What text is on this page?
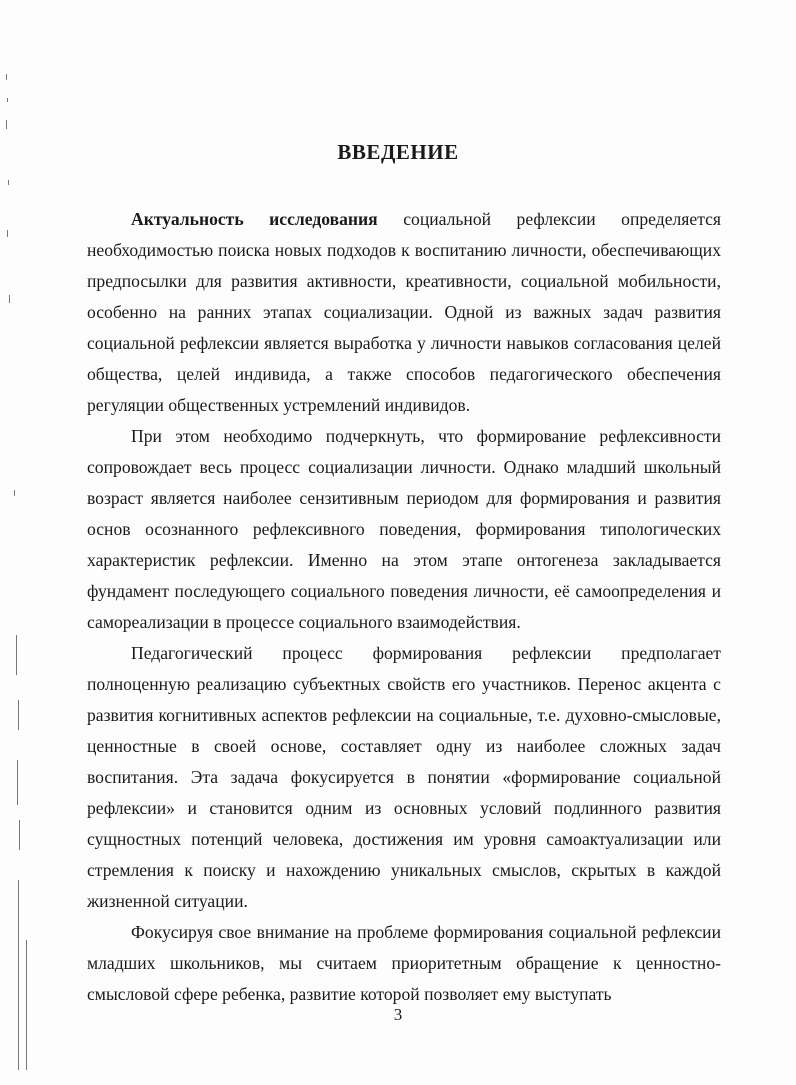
ВВЕДЕНИЕ

Актуальность исследования социальной рефлексии определяется необходимостью поиска новых подходов к воспитанию личности, обеспечивающих предпосылки для развития активности, креативности, социальной мобильности, особенно на ранних этапах социализации. Одной из важных задач развития социальной рефлексии является выработка у личности навыков согласования целей общества, целей индивида, а также способов педагогического обеспечения регуляции общественных устремлений индивидов.

При этом необходимо подчеркнуть, что формирование рефлексивности сопровождает весь процесс социализации личности. Однако младший школьный возраст является наиболее сензитивным периодом для формирования и развития основ осознанного рефлексивного поведения, формирования типологических характеристик рефлексии. Именно на этом этапе онтогенеза закладывается фундамент последующего социального поведения личности, её самоопределения и самореализации в процессе социального взаимодействия.

Педагогический процесс формирования рефлексии предполагает полноценную реализацию субъектных свойств его участников. Перенос акцента с развития когнитивных аспектов рефлексии на социальные, т.е. духовно-смысловые, ценностные в своей основе, составляет одну из наиболее сложных задач воспитания. Эта задача фокусируется в понятии «формирование социальной рефлексии» и становится одним из основных условий подлинного развития сущностных потенций человека, достижения им уровня самоактуализации или стремления к поиску и нахождению уникальных смыслов, скрытых в каждой жизненной ситуации.

Фокусируя свое внимание на проблеме формирования социальной рефлексии младших школьников, мы считаем приоритетным обращение к ценностно-смысловой сфере ребенка, развитие которой позволяет ему выступать

3
